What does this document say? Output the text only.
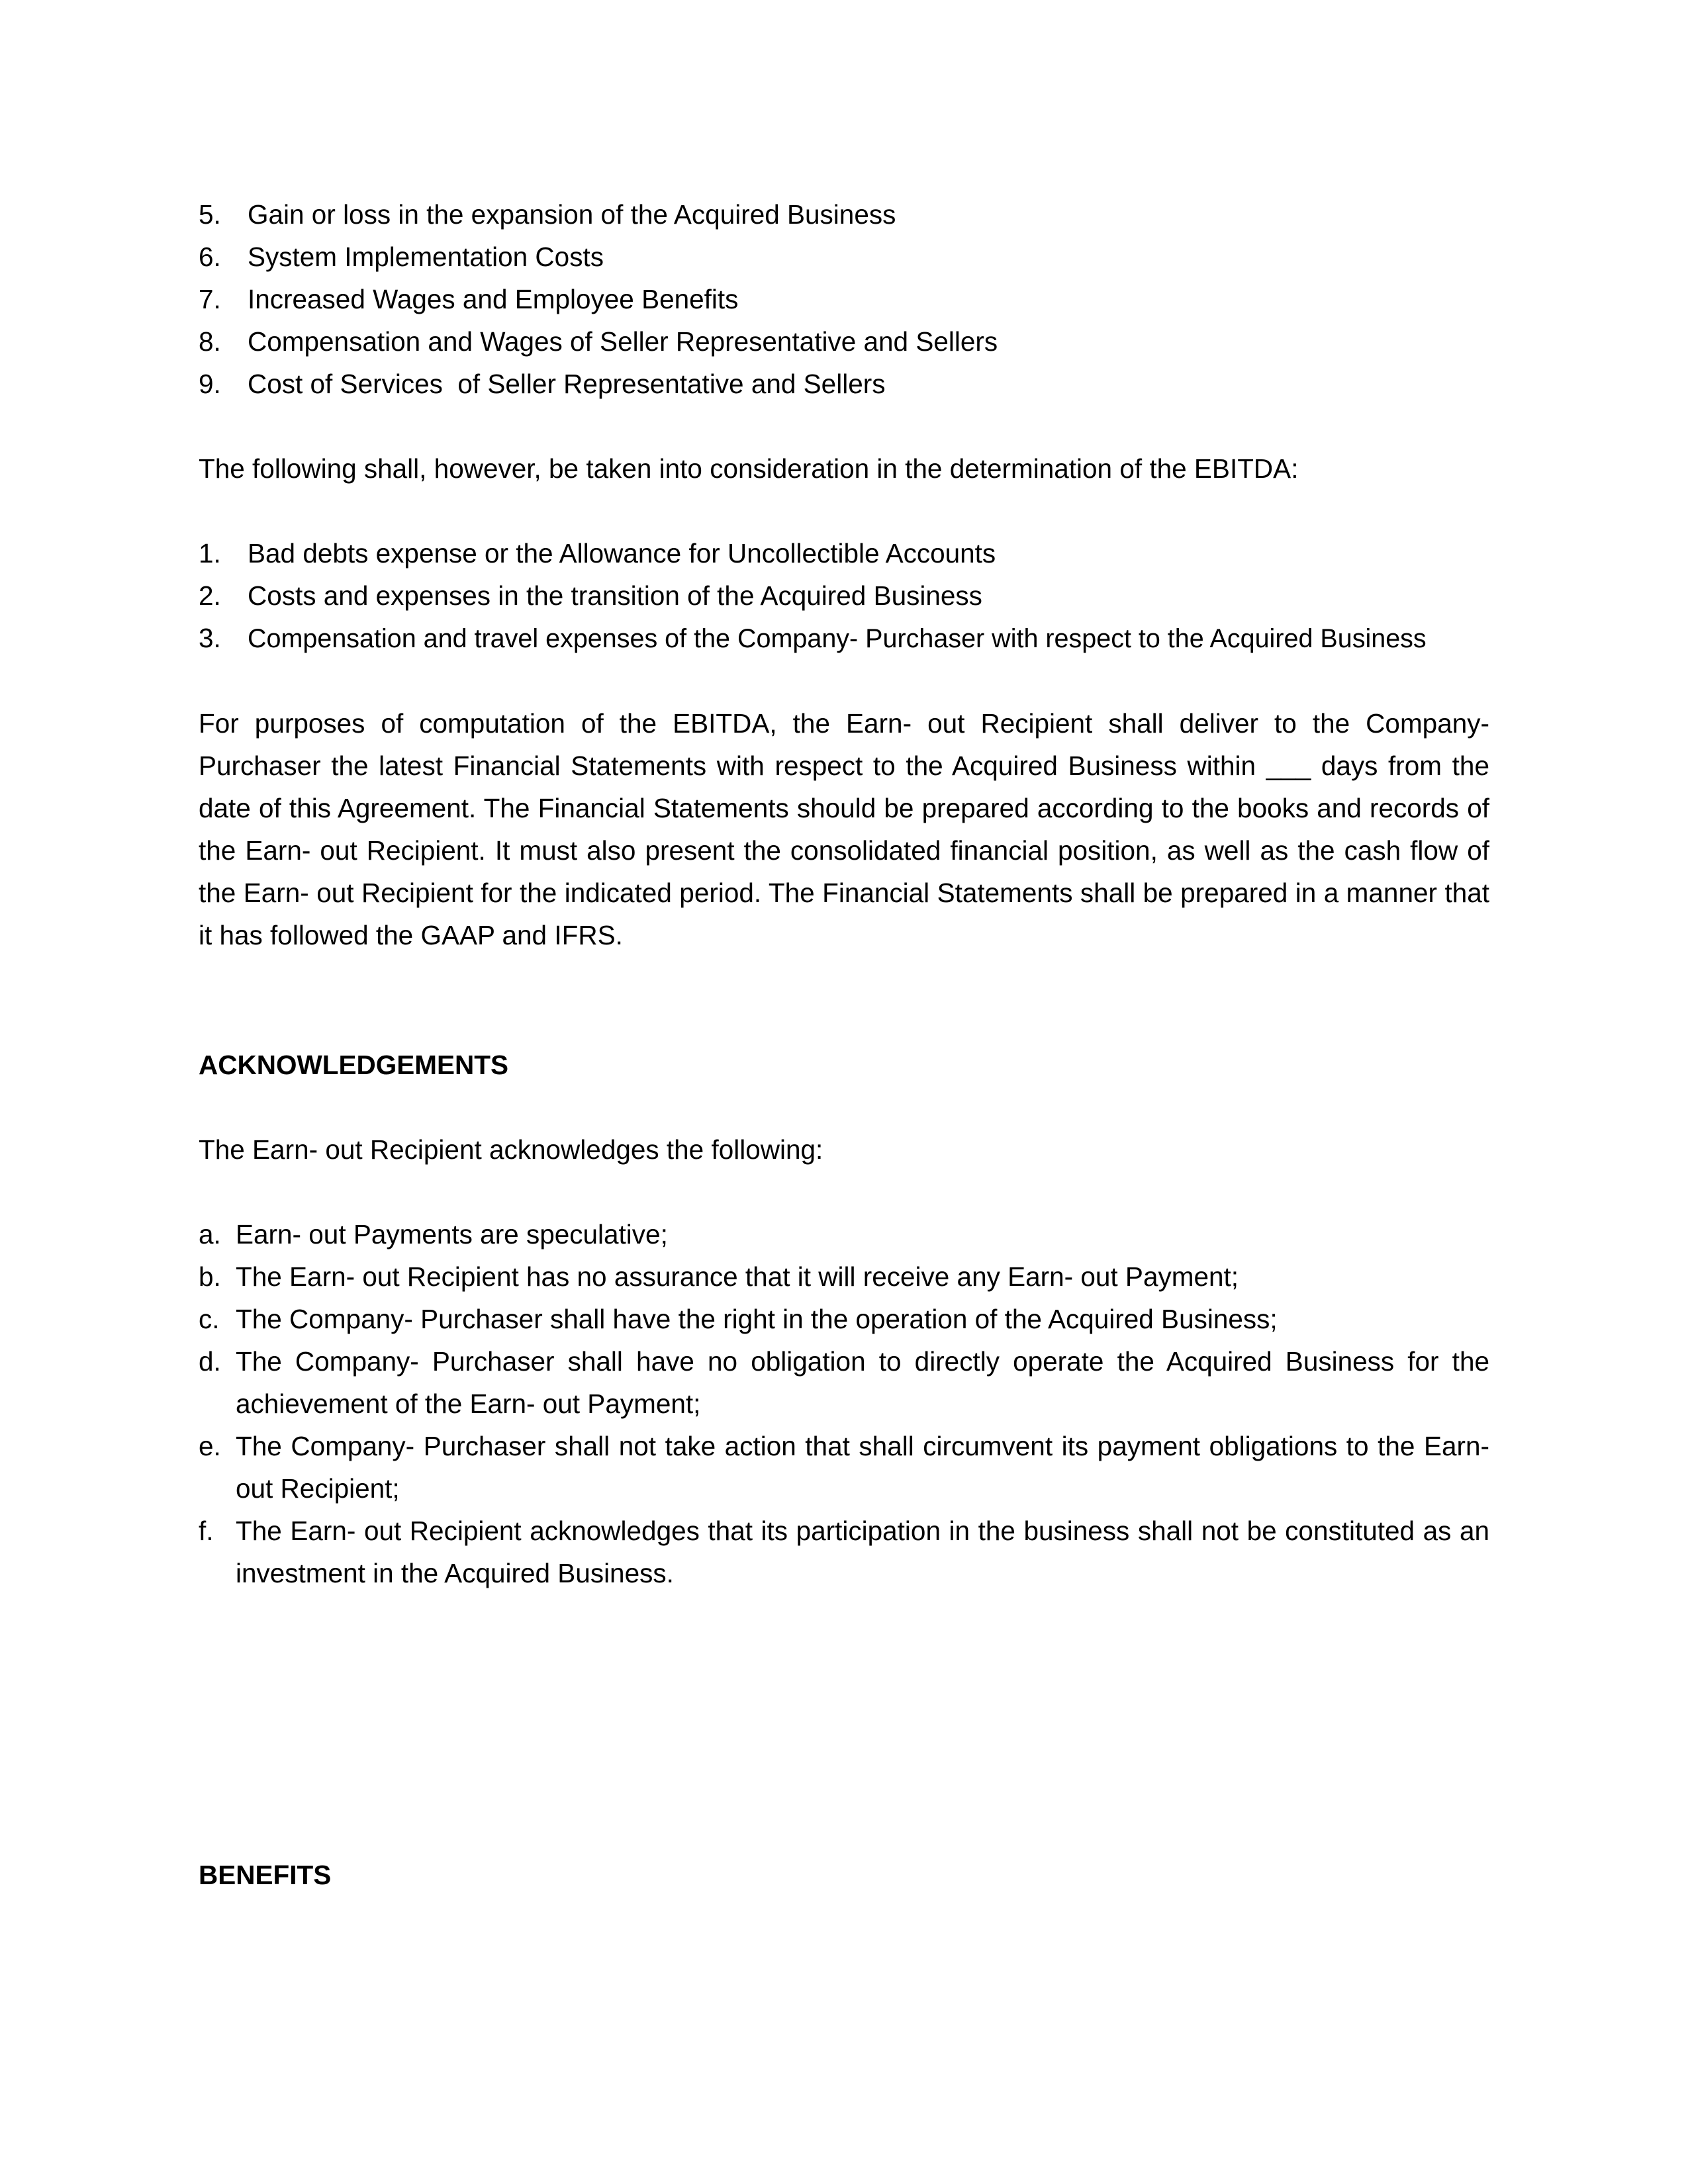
5. Gain or loss in the expansion of the Acquired Business
6. System Implementation Costs
7. Increased Wages and Employee Benefits
8. Compensation and Wages of Seller Representative and Sellers
9. Cost of Services  of Seller Representative and Sellers

The following shall, however, be taken into consideration in the determination of the EBITDA:

1. Bad debts expense or the Allowance for Uncollectible Accounts
2. Costs and expenses in the transition of the Acquired Business
3. Compensation and travel expenses of the Company- Purchaser with respect to the Acquired Business

For purposes of computation of the EBITDA, the Earn- out Recipient shall deliver to the Company- Purchaser the latest Financial Statements with respect to the Acquired Business within ___ days from the date of this Agreement. The Financial Statements should be prepared according to the books and records of the Earn- out Recipient. It must also present the consolidated financial position, as well as the cash flow of the Earn- out Recipient for the indicated period. The Financial Statements shall be prepared in a manner that it has followed the GAAP and IFRS.

ACKNOWLEDGEMENTS

The Earn- out Recipient acknowledges the following:

a. Earn- out Payments are speculative;
b. The Earn- out Recipient has no assurance that it will receive any Earn- out Payment;
c. The Company- Purchaser shall have the right in the operation of the Acquired Business;
d. The Company- Purchaser shall have no obligation to directly operate the Acquired Business for the achievement of the Earn- out Payment;
e. The Company- Purchaser shall not take action that shall circumvent its payment obligations to the Earn- out Recipient;
f. The Earn- out Recipient acknowledges that its participation in the business shall not be constituted as an investment in the Acquired Business.
BENEFITS
